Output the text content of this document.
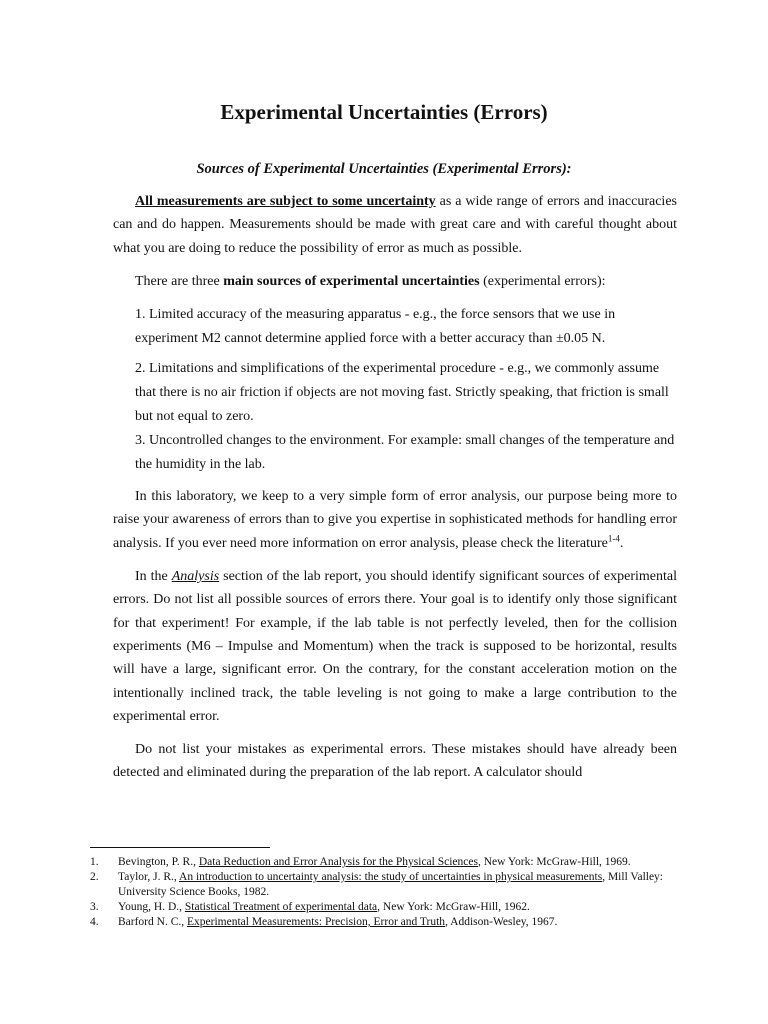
Experimental Uncertainties (Errors)
Sources of Experimental Uncertainties (Experimental Errors):

All measurements are subject to some uncertainty as a wide range of errors and inaccuracies can and do happen. Measurements should be made with great care and with careful thought about what you are doing to reduce the possibility of error as much as possible.

There are three main sources of experimental uncertainties (experimental errors):

1. Limited accuracy of the measuring apparatus - e.g., the force sensors that we use in experiment M2 cannot determine applied force with a better accuracy than ±0.05 N.

2. Limitations and simplifications of the experimental procedure - e.g., we commonly assume that there is no air friction if objects are not moving fast. Strictly speaking, that friction is small but not equal to zero.

3. Uncontrolled changes to the environment. For example: small changes of the temperature and the humidity in the lab.

In this laboratory, we keep to a very simple form of error analysis, our purpose being more to raise your awareness of errors than to give you expertise in sophisticated methods for handling error analysis. If you ever need more information on error analysis, please check the literature$^{1-4}$.

In the Analysis section of the lab report, you should identify significant sources of experimental errors. Do not list all possible sources of errors there. Your goal is to identify only those significant for that experiment! For example, if the lab table is not perfectly leveled, then for the collision experiments (M6 – Impulse and Momentum) when the track is supposed to be horizontal, results will have a large, significant error. On the contrary, for the constant acceleration motion on the intentionally inclined track, the table leveling is not going to make a large contribution to the experimental error.

Do not list your mistakes as experimental errors. These mistakes should have already been detected and eliminated during the preparation of the lab report. A calculator should

1. Bevington, P. R., Data Reduction and Error Analysis for the Physical Sciences, New York: McGraw-Hill, 1969.

2. Taylor, J. R., An introduction to uncertainty analysis: the study of uncertainties in physical measurements, Mill Valley: University Science Books, 1982.

3. Young, H. D., Statistical Treatment of experimental data, New York: McGraw-Hill, 1962.

4. Barford N. C., Experimental Measurements: Precision, Error and Truth, Addison-Wesley, 1967.
